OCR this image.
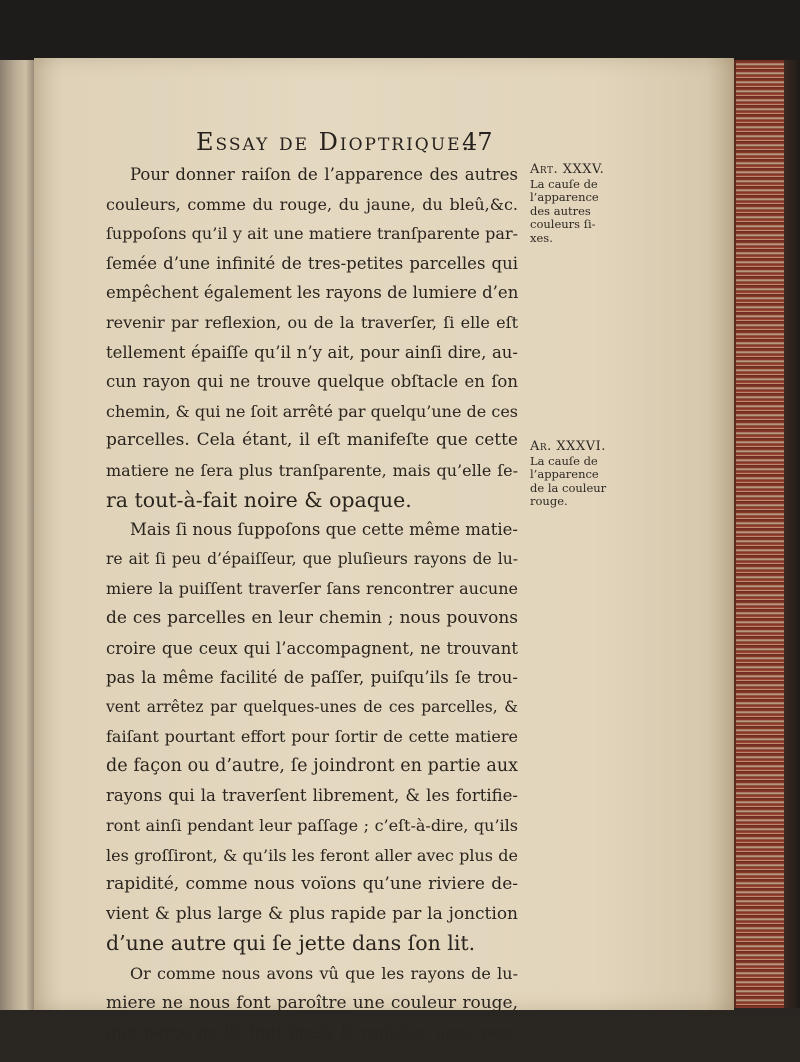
Essay de Dioptrique.
47
Pour donner raiſon de l’apparence des autres
couleurs, comme du rouge, du jaune, du bleû,&c.
ſuppoſons qu’il y ait une matiere tranſparente par-
ſemée d’une infinité de tres-petites parcelles qui
empêchent également les rayons de lumiere d’en
revenir par reflexion, ou de la traverſer, ſi elle eſt
tellement épaiſſe qu’il n’y ait, pour ainſi dire, au-
cun rayon qui ne trouve quelque obſtacle en ſon
chemin, & qui ne ſoit arrêté par quelqu’une de ces
parcelles. Cela étant, il eſt manifeſte que cette
matiere ne ſera plus tranſparente, mais qu’elle ſe-
ra tout-à-fait noire & opaque.
Mais ſi nous ſuppoſons que cette même matie-
re ait ſi peu d’épaiſſeur, que pluſieurs rayons de lu-
miere la puiſſent traverſer ſans rencontrer aucune
de ces parcelles en leur chemin ; nous pouvons
croire que ceux qui l’accompagnent, ne trouvant
pas la même facilité de paſſer, puiſqu’ils ſe trou-
vent arrêtez par quelques-unes de ces parcelles, &
faiſant pourtant effort pour ſortir de cette matiere
de façon ou d’autre, ſe joindront en partie aux
rayons qui la traverſent librement, & les fortifie-
ront ainſi pendant leur paſſage ; c’eſt-à-dire, qu’ils
les groſſiront, & qu’ils les feront aller avec plus de
rapidité, comme nous voïons qu’une riviere de-
vient & plus large & plus rapide par la jonction
d’une autre qui ſe jette dans ſon lit.
Or comme nous avons vû que les rayons de lu-
miere ne nous font paroître une couleur rouge,
que parce qu’ils ſont épais & rapides, nous pou-
Art. XXXV.
La cauſe de
l’apparence
des autres
couleurs ſi-
xes.
Ar. XXXVI.
La cauſe de
l’apparence
de la couleur
rouge.
